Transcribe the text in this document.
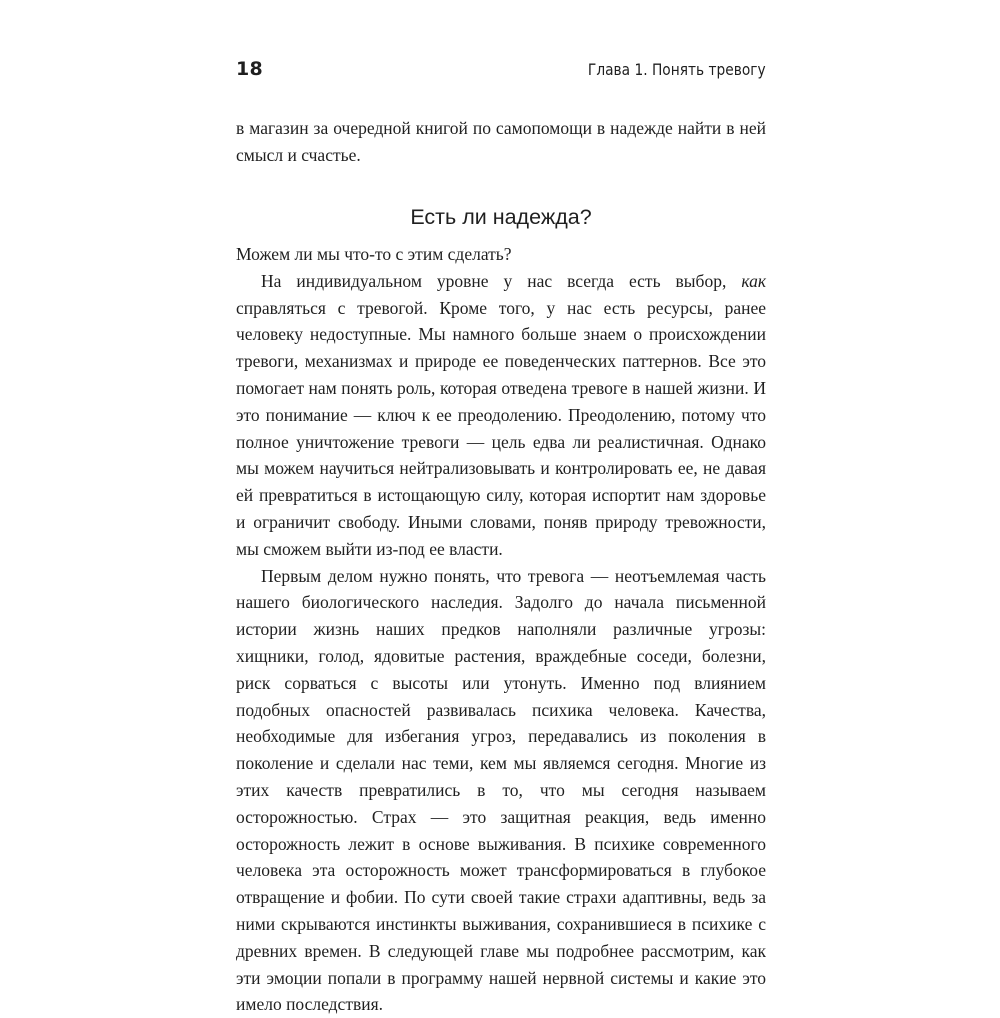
18	Глава 1. Понять тревогу

в магазин за очередной книгой по самопомощи в надежде найти в ней смысл и счастье.

Есть ли надежда?

Можем ли мы что-то с этим сделать?

На индивидуальном уровне у нас всегда есть выбор, как справляться с тревогой. Кроме того, у нас есть ресурсы, ранее человеку недоступные. Мы намного больше знаем о происхождении тревоги, механизмах и природе ее поведенческих паттернов. Все это помогает нам понять роль, которая отведена тревоге в нашей жизни. И это понимание — ключ к ее преодолению. Преодолению, потому что полное уничтожение тревоги — цель едва ли реалистичная. Однако мы можем научиться нейтрализовывать и контролировать ее, не давая ей превратиться в истощающую силу, которая испортит нам здоровье и ограничит свободу. Иными словами, поняв природу тревожности, мы сможем выйти из-под ее власти.

Первым делом нужно понять, что тревога — неотъемлемая часть нашего биологического наследия. Задолго до начала письменной истории жизнь наших предков наполняли различные угрозы: хищники, голод, ядовитые растения, враждебные соседи, болезни, риск сорваться с высоты или утонуть. Именно под влиянием подобных опасностей развивалась психика человека. Качества, необходимые для избегания угроз, передавались из поколения в поколение и сделали нас теми, кем мы являемся сегодня. Многие из этих качеств превратились в то, что мы сегодня называем осторожностью. Страх — это защитная реакция, ведь именно осторожность лежит в основе выживания. В психике современного человека эта осторожность может трансформироваться в глубокое отвращение и фобии. По сути своей такие страхи адаптивны, ведь за ними скрываются инстинкты выживания, сохранившиеся в психике с древних времен. В следующей главе мы подробнее рассмотрим, как эти эмоции попали в программу нашей нервной системы и какие это имело последствия.
